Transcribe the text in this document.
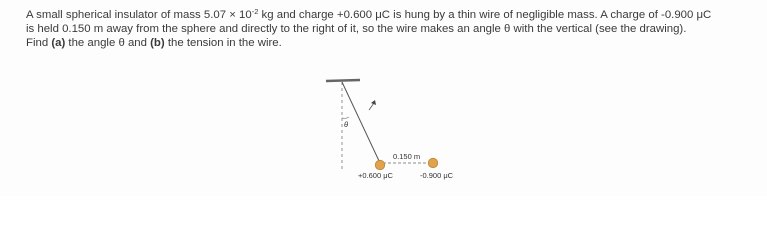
A small spherical insulator of mass $5.07 \times 10^{-2}$ kg and charge +0.600 μC is hung by a thin wire of negligible mass. A charge of -0.900 μC
is held 0.150 m away from the sphere and directly to the right of it, so the wire makes an angle θ with the vertical (see the drawing).
Find (a) the angle θ and (b) the tension in the wire.
θ
0.150 m
+0.600 μC	-0.900 μC
